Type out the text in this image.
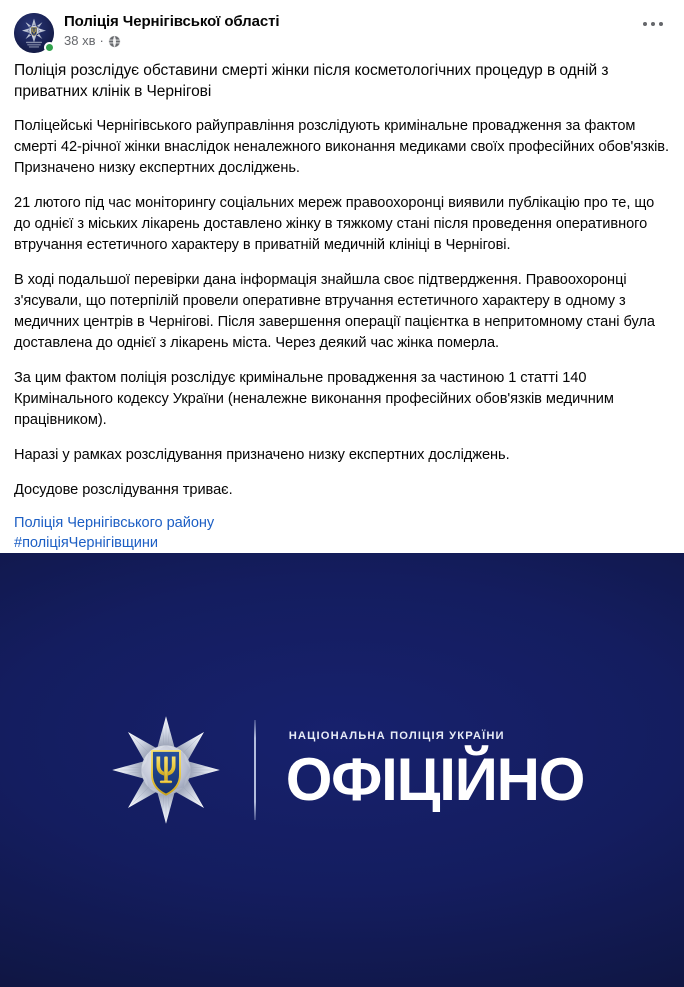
Поліція Чернігівської області
38 хв ·
Поліція розслідує обставини смерті жінки після косметологічних процедур в одній з приватних клінік в Чернігові
Поліцейські Чернігівського райуправління розслідують кримінальне провадження за фактом смерті 42-річної жінки внаслідок неналежного виконання медиками своїх професійних обов'язків. Призначено низку експертних досліджень.
21 лютого під час моніторингу соціальних мереж правоохоронці виявили публікацію про те, що до однієї з міських лікарень доставлено жінку в тяжкому стані після проведення оперативного втручання естетичного характеру в приватній медичній клініці в Чернігові.
В ході подальшої перевірки дана інформація знайшла своє підтвердження. Правоохоронці з'ясували, що потерпілій провели оперативне втручання естетичного характеру в одному з медичних центрів в Чернігові. Після завершення операції пацієнтка в непритомному стані була доставлена до однієї з лікарень міста. Через деякий час жінка померла.
За цим фактом поліція розслідує кримінальне провадження за частиною 1 статті 140 Кримінального кодексу України (неналежне виконання професійних обов'язків медичним працівником).
Наразі у рамках розслідування призначено низку експертних досліджень.
Досудове розслідування триває.
Поліція Чернігівського району
#поліціяЧернігівщини
НАЦІОНАЛЬНА ПОЛІЦІЯ УКРАЇНИ
ОФІЦІЙНО
